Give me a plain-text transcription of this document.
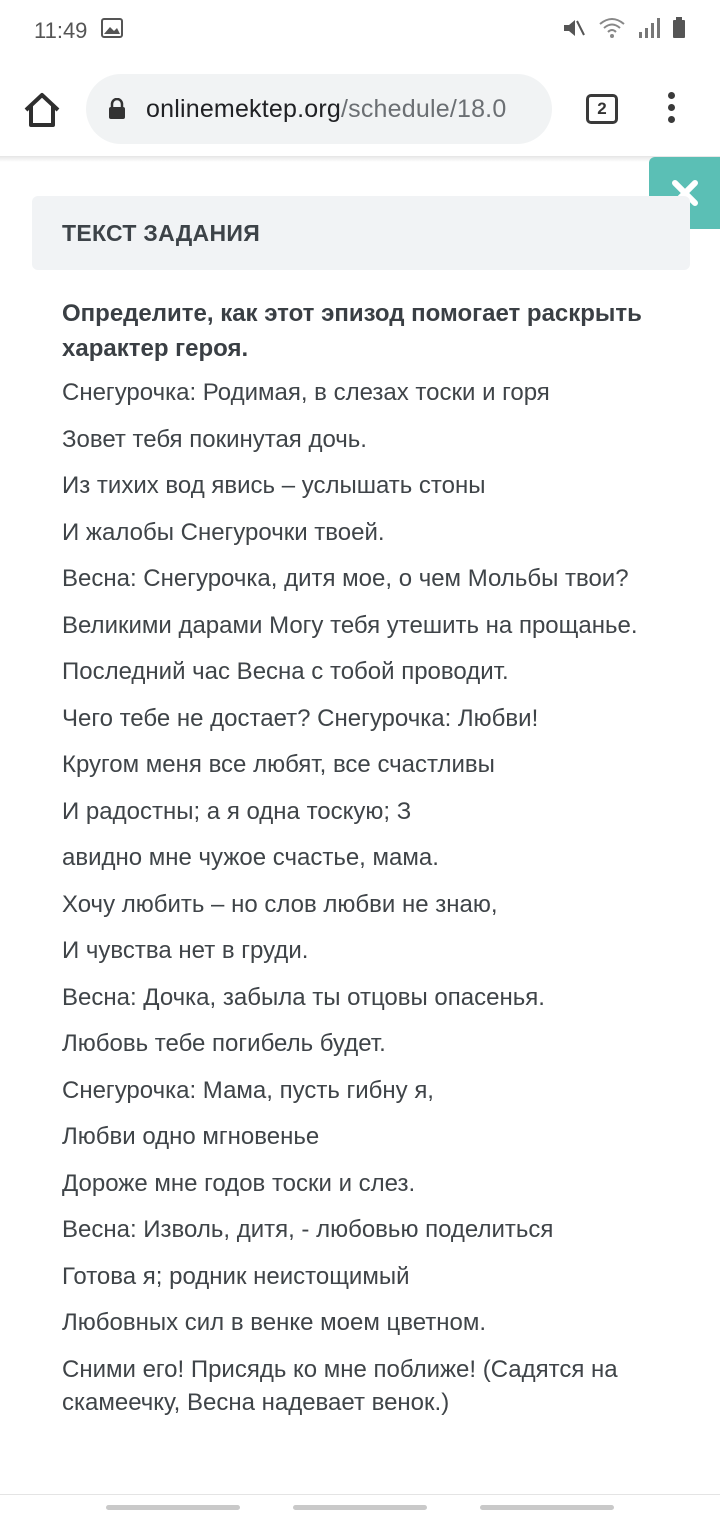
11:49
onlinemektep.org /schedule/18.0	2
ТЕКСТ ЗАДАНИЯ
Определите, как этот эпизод помогает раскрыть характер героя.
Снегурочка: Родимая, в слезах тоски и горя
Зовет тебя покинутая дочь.
Из тихих вод явись – услышать стоны
И жалобы Снегурочки твоей.
Весна: Снегурочка, дитя мое, о чем Мольбы твои?
Великими дарами Могу тебя утешить на прощанье.
Последний час Весна с тобой проводит.
Чего тебе не достает? Снегурочка: Любви!
Кругом меня все любят, все счастливы
И радостны; а я одна тоскую; З
авидно мне чужое счастье, мама.
Хочу любить – но слов любви не знаю,
И чувства нет в груди.
Весна: Дочка, забыла ты отцовы опасенья.
Любовь тебе погибель будет.
Снегурочка: Мама, пусть гибну я,
Любви одно мгновенье
Дороже мне годов тоски и слез.
Весна: Изволь, дитя, - любовью поделиться
Готова я; родник неистощимый
Любовных сил в венке моем цветном.
Сними его! Присядь ко мне поближе! (Садятся на скамеечку, Весна надевает венок.)
